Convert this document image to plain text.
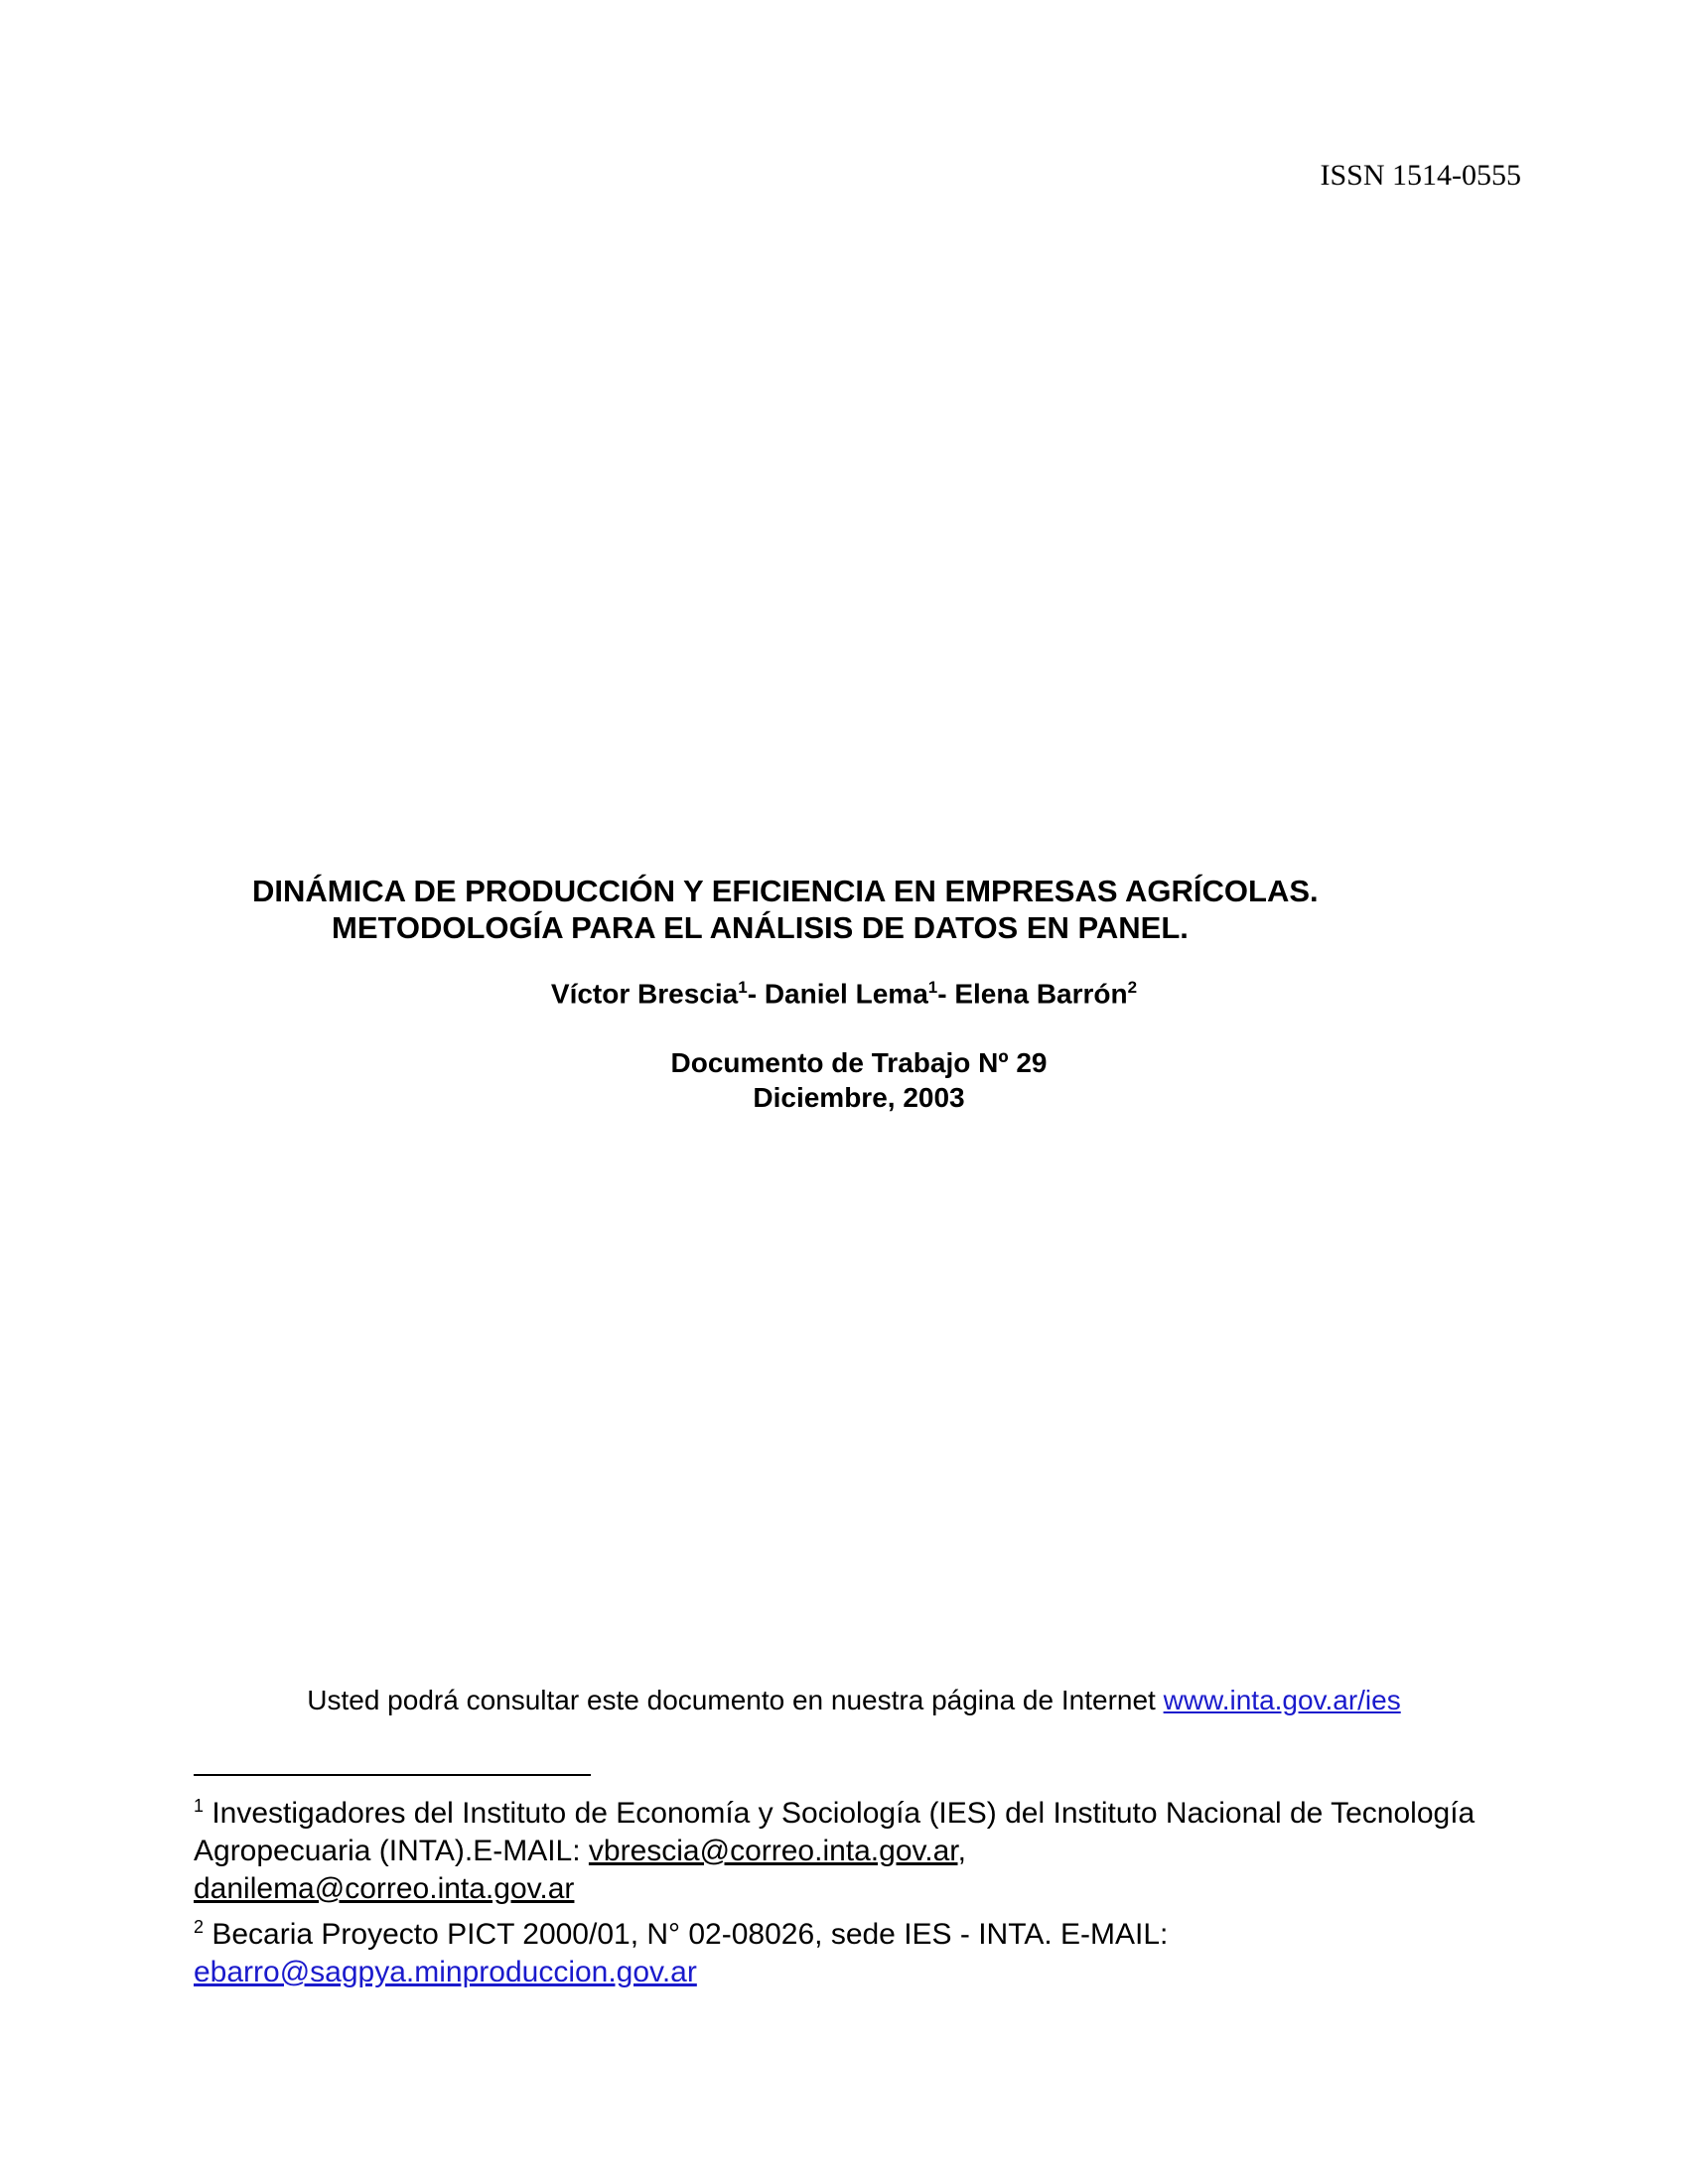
ISSN 1514-0555

DINÁMICA DE PRODUCCIÓN Y EFICIENCIA EN EMPRESAS AGRÍCOLAS.

METODOLOGÍA PARA EL ANÁLISIS DE DATOS EN PANEL.

Víctor Brescia$^1$- Daniel Lema$^1$- Elena Barrón$^2$

Documento de Trabajo Nº 29

Diciembre, 2003

Usted podrá consultar este documento en nuestra página de Internet www.inta.gov.ar/ies

$^1$ Investigadores del Instituto de Economía y Sociología (IES) del Instituto Nacional de Tecnología Agropecuaria (INTA).E-MAIL: vbrescia@correo.inta.gov.ar,
danilema@correo.inta.gov.ar

$^2$ Becaria Proyecto PICT 2000/01, N° 02-08026, sede IES - INTA. E-MAIL:
ebarro@sagpya.minproduccion.gov.ar
